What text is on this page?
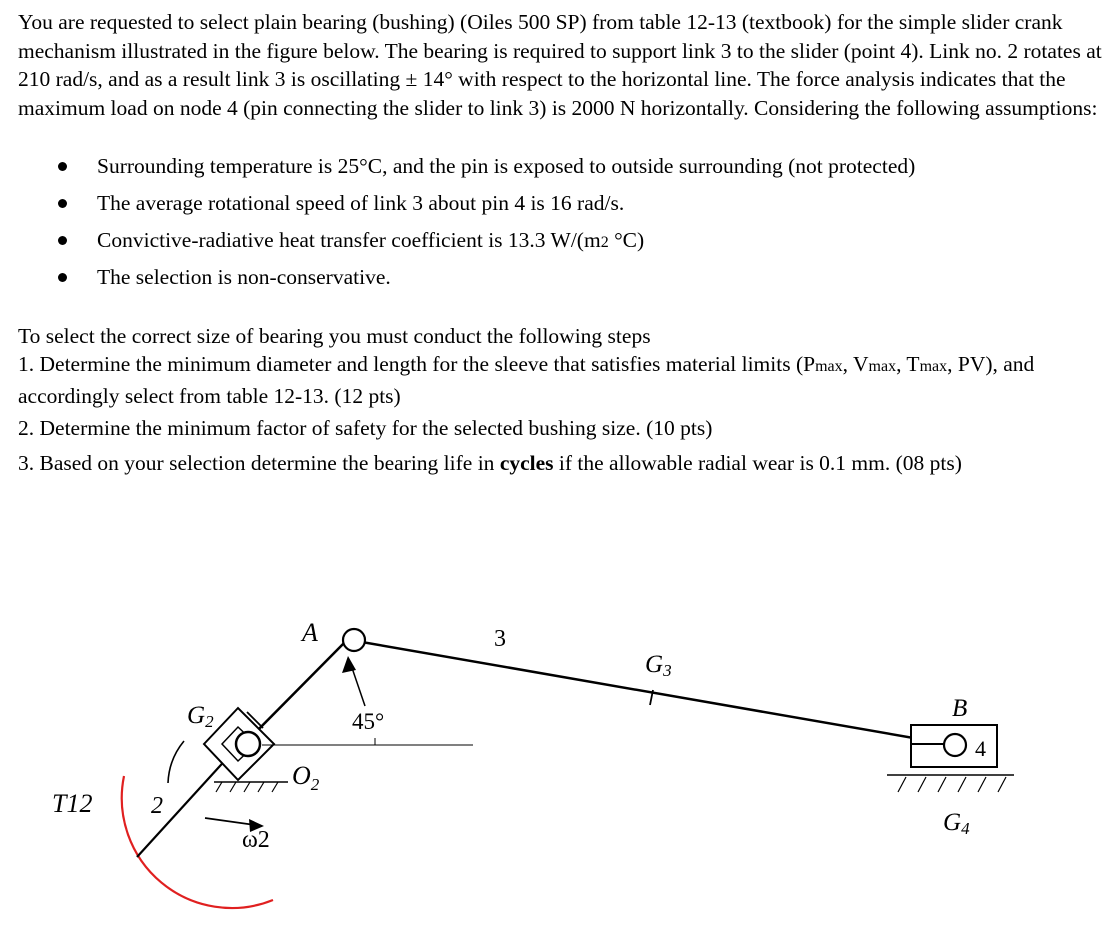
You are requested to select plain bearing (bushing) (Oiles 500 SP) from table 12-13 (textbook) for the simple slider crank mechanism illustrated in the figure below. The bearing is required to support link 3 to the slider (point 4). Link no. 2 rotates at 210 rad/s, and as a result link 3 is oscillating ± 14° with respect to the horizontal line. The force analysis indicates that the maximum load on node 4 (pin connecting the slider to link 3) is 2000 N horizontally. Considering the following assumptions:

Surrounding temperature is 25°C, and the pin is exposed to outside surrounding (not protected)
The average rotational speed of link 3 about pin 4 is 16 rad/s.
Convictive-radiative heat transfer coefficient is 13.3 W/(m2 °C)
The selection is non-conservative.

To select the correct size of bearing you must conduct the following steps

1. Determine the minimum diameter and length for the sleeve that satisfies material limits (Pmax, Vmax, Tmax, PV), and accordingly select from table 12-13. (12 pts)

2. Determine the minimum factor of safety for the selected bushing size. (10 pts)

3. Based on your selection determine the bearing life in cycles if the allowable radial wear is 0.1 mm. (08 pts)

A	3
G3
G2	45°
$O_2$
B
4
G4
T12 2
ω2
